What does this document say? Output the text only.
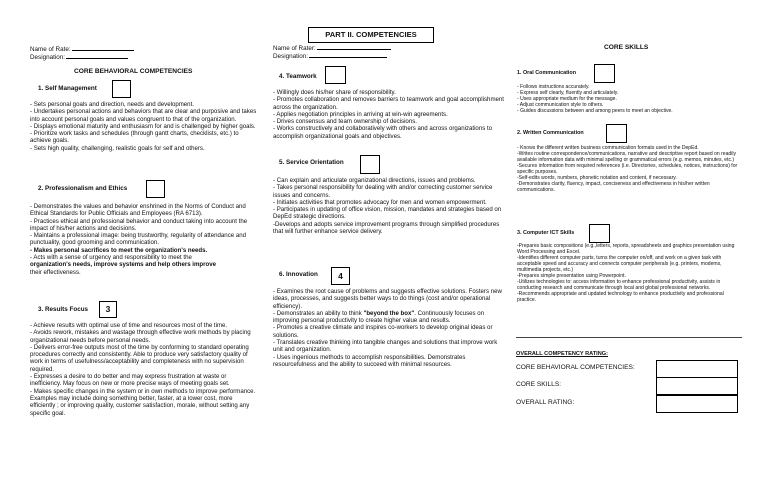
PART II. COMPETENCIES
Name of Rate:
Designation:
CORE BEHAVIORAL COMPETENCIES
1. Self Management

- Sets personal goals and direction, needs and development.

- Undertakes personal actions and behaviors that are clear and purposive and takes into account personal goals and values congruent to that of the organization.

- Displays emotional maturity and enthusiasm for and is challenged by higher goals.

- Prioritize work tasks and schedules (through gantt charts, checklists, etc.) to achieve goals.

- Sets high quality, challenging, realistic goals for self and others.

2. Professionalism and Ethics

- Demonstrates the values and behavior enshrined in the Norms of Conduct and Ethical Standards for Public Officials and Employees (RA 6713).

- Practices ethical and professional behavior and conduct taking into account the impact of his/her actions and decisions.

- Maintains a professional image: being trustworthy, regularity of attendance and punctuality, good grooming and communication.

- Makes personal sacrifices to meet the organization's needs.

- Acts with a sense of urgency and responsibility to meet the

organization's needs, improve systems and help others improve

their effectiveness.

3. Results Focus	3

- Achieve results with optimal use of time and resources most of the time.

- Avoids rework, mistakes and wastage through effective work methods by placing organizational needs before personal needs.

- Delivers error-free outputs most of the time by conforming to standard operating procedures correctly and consistently. Able to produce very satisfactory quality of work in terms of usefulness/acceptability and completeness with no supervision required.

- Expresses a desire to do better and may express frustration at waste or inefficiency. May focus on new or more precise ways of meeting goals set.

- Makes specific changes in the system or in own methods to improve performance. Examples may include doing something better, faster, at a lower cost, more efficiently ; or improving quality, customer satisfaction, morale, without setting any specific goal.

Name of Rater:
Designation:
4. Teamwork

- Willingly does his/her share of responsibility.

- Promotes collaboration and removes barriers to teamwork and goal accomplishment across the organization.

- Applies negotiation principles in arriving at win-win agreements.

- Drives consensus and team ownership of decisions.

- Works constructively and collaboratively with others and across organizations to accomplish organizational goals and objectives.

5. Service Orientation

- Can explain and articulate organizational directions, issues and problems.

- Takes personal responsibility for dealing with and/or correcting customer service issues and concerns.

- Initiates activities that promotes advocacy for men and women empowerment.

- Participates in updating of office vision, mission, mandates and strategies based on DepEd strategic directions.

-Develops and adopts service improvement programs through simplified procedures that will further enhance service delivery.

6. Innovation	4

- Examines the root cause of problems and suggests effective solutions. Fosters new ideas, processes, and suggests better ways to do things (cost and/or operational efficiency).

- Demonstrates an ability to think "beyond the box". Continuously focuses on improving personal productivity to create higher value and results.

- Promotes a creative climate and inspires co-workers to develop original ideas or solutions.

- Translates creative thinking into tangible changes and solutions that improve work unit and organization.

- Uses ingenious methods to accomplish responsibilities. Demonstrates resourcefulness and the ability to succeed with minimal resources.

CORE SKILLS
1. Oral Communication

- Follows instructions accurately.

- Express self clearly, fluently and articulately.

- Uses appropriate medium for the message.

- Adjust communication style to others.

- Guides discussions between and among peers to meet an objective.

2. Written Communication

- Knows the different written business communication formats used in the DepEd.

-Writes routine correspondence/communications, narrative and descriptive report based on readily available information data with minimal spelling or grammatical errors (e.g. memos, minutes, etc.)

-Secures information from required references (i.e. Directories, schedules, notices, instructions) for specific purposes.

-Self-edits words, numbers, phonetic notation and content, if necessary.

-Demonstrates clarity, fluency, impact, conciseness and effectiveness in his/her written communications.

3. Computer ICT Skills

-Prepares basic compositions (e.g.,letters, reports, spreadsheets and graphics presentation using Word Processing and Excel.

-Identifies different computer parts, turns the computer on/off, and work on a given task with acceptable speed and accuracy and connects computer peripherals (e.g. printers, modems, multimedia projects, etc.)

-Prepares simple presentation using Powerpoint.

-Utilizes technologies to: access information to enhance professional productivity, assists in conducting research and communicate through local and global professional networks.

-Recommends appropriate and updated technology to enhance productivity and professional practice.

OVERALL COMPETENCY RATING:
CORE BEHAVIORAL COMPETENCIES:
CORE SKILLS:
OVERALL RATING:
